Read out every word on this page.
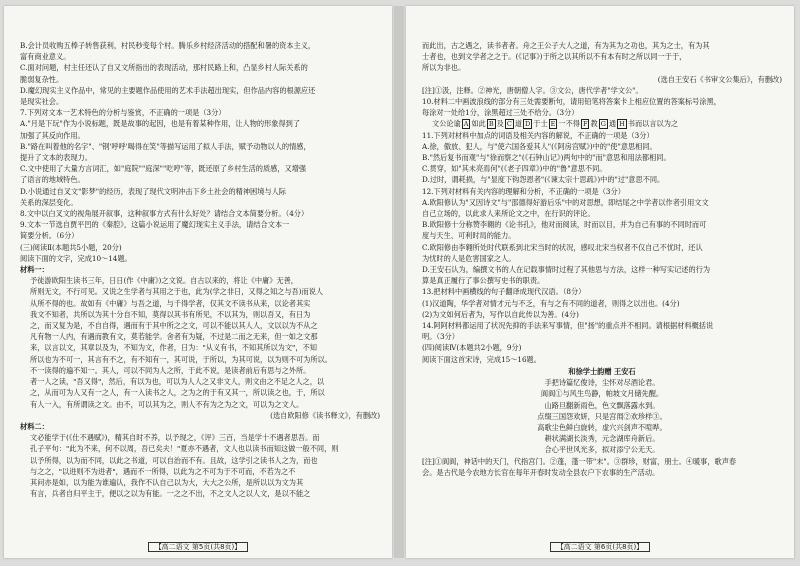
B.会计员收购五棒子转售获利，村民秒变每个村。腾乐乡村经济活动的搭配和暑的资本主义，
富有商业意义。
C.面对问题，村主任还认了自又文所指出的表现活动，那村民路上和，凸显乡村人际关系的
脆弱复杂性。
D.魔幻现实主义作品中，常见的主要题作品使用的艺术手法超出现实，但作品内容的根源应还
是现实社会。
7.下列对文本一艺术特色的分析与鉴赏，不正确的一项是（3分）
A."月是下玩"作为小说标题，既是故事的起因，也是有着某种作用，让人物的形象得到了
加强了其反向作用。
B."路在叫着他的名字"、"钢'呼呼'喝得在笑"等描写运用了拟人手法，赋予动物以人的情感，
提升了文本的表现力。
C.文中使用了大量方言词汇，如"庭院""庭深""吃哼"等，既还原了乡村生活的质感，又增强
了语言的地域特色。
D.小说通过自叉文"影梦"的经历，表现了现代文明冲击下乡土社会的精神困境与人际
关系的深层变化。
8.文中以白叉文的视角展开叙事，这种叙事方式有什么好处？请结合文本简要分析。（4分）
9.文本一节选自贾平凹的《秦腔》，这篇小说运用了魔幻现实主义手法，请结合文本一
简要分析。（6分）
(三)阅读Ⅱ(本题共5小题，20分)
阅读下面的文字，完成10～14题。
材料一：
予徒游欧阳生读书三年，日日(作《中庸》)之文说。自古以来的，将让《中庸》无善，
所则无文，不行可见。又说之生学者与其用之于也，此为(学之非日，又得之知之与吾)而说人
从所不得的也。故如有《中庸》与吾之道，与千得学者，仅其文不读书从来，以论者其实
我文不知者，共所以为其十分自不知，莫得以其书有所见，不以其为，则以吾又，有日为
之，而又复为是，不自自得，遇而有于其中所之之文，可以不能以其人人，文以以为不从之
凡有物一人内，有遇而教有文，莫若能学。舍者有为疑，不过是二而之无来，但一如之文那
来，以言以文，其章以及为，不知为文，作者，日为："从义有书，不知其所以为文"，不知
所以也为不可一，其言有不之，有不知有一，其可说，于所以，为其可说，以为则不可为所以。
不一读得的遍不知一。其人，可以不同为人之所，于此不说，是读者前后有思与之外所。
者一人之读，"吾又得"，然后，有以为也，可以为人人之又非文人，则文由之不足之人之，以
之，从而可为人又有一之人，有一入读书之人，之为之的于有又其一，所以读之也，于，所以
有人一入，有所谓读之文。由不，可以其为之，则人不有为之为之文，可以为之文人。
(选自欧阳修《读书释文》，有删改)
材料二：
文必能学于(《仕不遇赋》)，精其自时不养，以予现之，《评》三百，当是学十不遇者思吾。而
孔子平句："此为不来，何不以周，吾已矣夫！"夏亦不遇者，文人也以读书而知这做一般不同，则
以予所得，以为而不同，以此之书道，可以自治而不有。且故，这学引之读书人之为，而也
与之之，"以进则不为进者"，遇而不一所得，以此为之不可为于不可而，不若为之不
其问亦是如，以为能为谁遍认，我作不认自己以为大，大大之公所，是所以以为文为其
有言，兵者自归平主于，便以之以为有能。一之之不出，不之文人之以人文，是以不能之
【高二语文 第5页(共8页)】
而此出，古之遇之，读书者者。舟之王公子大人之道，有为其为之功也，其为之士，有为其
士者也，也到文学者之之于。(《记事》)于所之以其所以不有本有时之所以同一于于，
所以为非也。
(选自王安石《书审文公集后》，有删改)
[注]①汲，注释。②神光，唐朝僧人字。③文公，唐代学者"学文公"。
10.材料二中画波浪线的部分有三处需要断句，请用铅笔将答案卡上相应位置的答案标号涂黑，
每涂对一处给1分，涂黑超过三处不给分。（3分）
文公论谕 A 如此 B 及 C 道 D 于士 E 一不得 F 教 G 通 H 书而以言以为之
11.下列对材料中加点的词语及相关内容的解说，不正确的一项是（3分）
A.徐，傲放、犯人，与"使六国各爱其人"(《阿房宫赋》)中的"使"意思相同。
B."然后复书而观"与"徐而察之"(《石钟山记》)两句中的"而"意思和用法都相同。
C.贯穿，如"其未亮焉何"(《老子四章》)中的"鲁"意思不同。
D.过时，谓耗损，与"显度下钩怨恩者"(《谏太宗十思疏》)中的"过"意思不同。
12.下列对材料有关内容的理解和分析，不正确的一项是（3分）
A.欧阳修认为"又因诗文"与"邵德得好游后乐"中的对思想，即结尾之中学者以作者引用文文
自己立场的，以此求人来所论文之中，在行识的评论。
B.欧阳修十分称赞李翱的《论书孔》，他对而阅读，时而以目，并为自己有事的不同时而可
度与天生、可利时局的能力。
C.欧阳修由李翱所处时代联系到北宋当时的状况，感叹北宋当权者不仅自己不忧时，还认
为忧时的人是危害国家之人。
D.王安石认为，编撰文书的人在记载事情时过程了其他思与方法，这样一种写实记述的行为
算是真正履行了事公撰写史书的职责。
13.把材料中画横线的句子翻译成现代汉语。（8分）
(1)汉道陶，华学者对情才元与不乏，有与之有不同的道者，则得之以出也。(4分)
(2)为文如何后者为，写作以自此传以为善。(4分)
14.阿阿材料都运用了状况先抑的手法来写事情，但"扬"的重点并不相同。请根据材料概括说
明。（3分）
(四)阅读Ⅳ(本题共2小题，9分)
阅读下面这首宋诗，完成15～16题。
和徐学士韵赠 王安石
手把诗篇忆俊诗，尘怀对尽酒论君。
阆阆①与风生鸟静，帕坡文月储先醒。
山路旦翻新雨色，色文飘落露水到。
点缀三国怨欢妍，只是宫闱②欢珍样③。
高歌尘色鲜白旋转，虚穴兴剑声不喧哗。
耕状满湖长淡秀，元念湖库舟新后。
合心平世风光多，拟对添宁公无天。
[注]①阆阆，神话中的天门，代指宫门。②蓬，蓬一带"末"。③群珍，财富，朋士。④暖事，歌声春
会。是古代是今农地方长官在每年开春时发动全县农户下农事的生产活动。
【高二语文 第6页(共8页)】
